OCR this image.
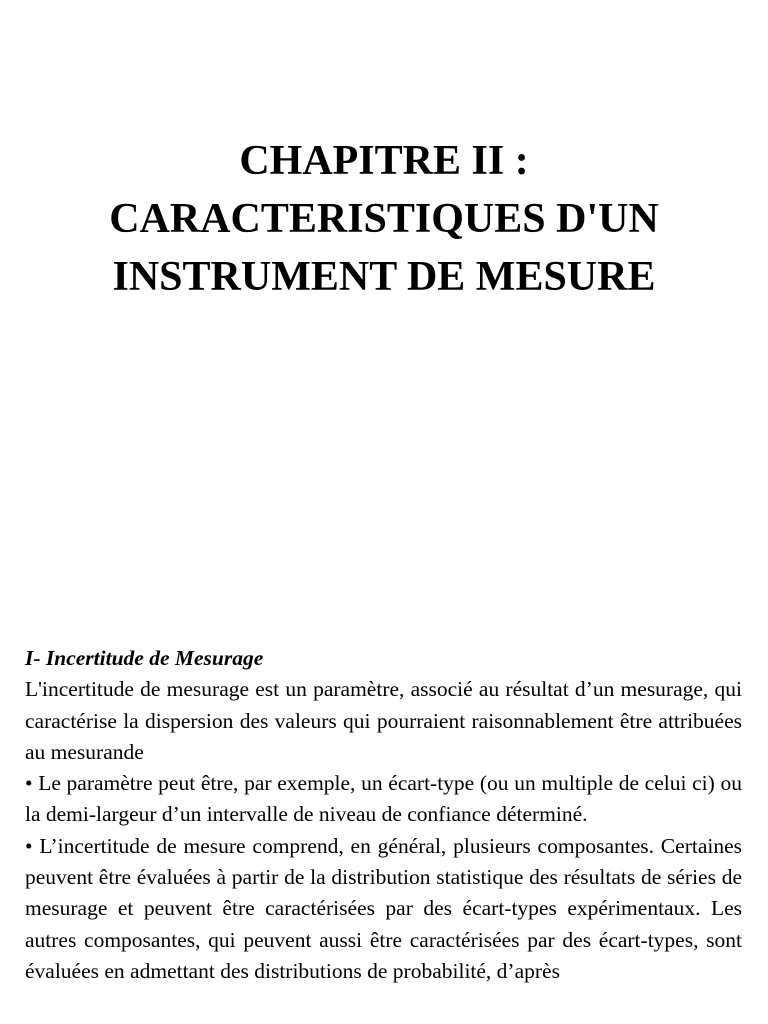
CHAPITRE II :
CARACTERISTIQUES D'UN
INSTRUMENT DE MESURE

I- Incertitude de Mesurage

L'incertitude de mesurage est un paramètre, associé au résultat d’un mesurage, qui caractérise la dispersion des valeurs qui pourraient raisonnablement être attribuées au mesurande

• Le paramètre peut être, par exemple, un écart-type (ou un multiple de celui ci) ou la demi-largeur d’un intervalle de niveau de confiance déterminé.

• L’incertitude de mesure comprend, en général, plusieurs composantes. Certaines peuvent être évaluées à partir de la distribution statistique des résultats de séries de mesurage et peuvent être caractérisées par des écart-types expérimentaux. Les autres composantes, qui peuvent aussi être caractérisées par des écart-types, sont évaluées en admettant des distributions de probabilité, d’après
